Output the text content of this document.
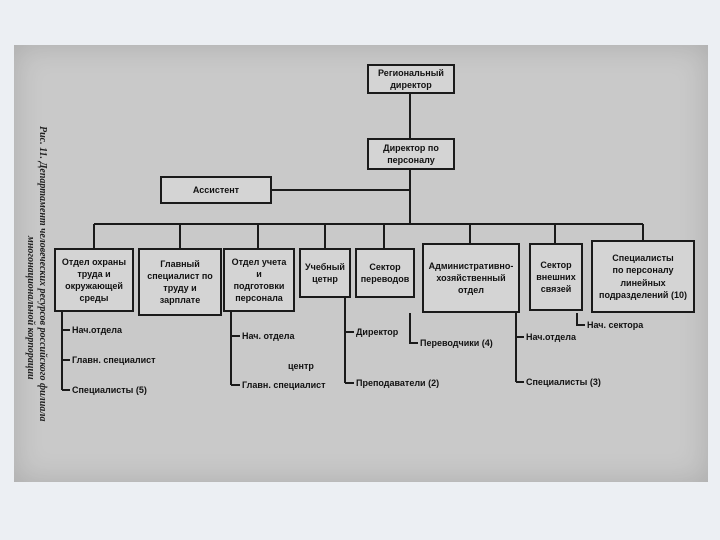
Региональный
директор
Директор по
персоналу
Ассистент
Отдел охраны
труда и
окружающей
среды
Главный
специалист по
труду и
зарплате
Отдел учета
и
подготовки
персонала
Учебный
цетнр
Сектор
переводов
Административно-
хозяйственный
отдел
Сектор
внешних
связей
Специалисты
по персоналу
линейных
подразделений (10)
Нач.отдела
Главн. специалист
Специалисты (5)
Нач. отдела
центр
Главн. специалист
Директор
Переводчики (4)
Преподаватели (2)
Нач.отдела
Специалисты (3)
Нач. сектора
Рис. 11. Департамент человеческих ресурсов российского филиала
многонациональной корпорации
